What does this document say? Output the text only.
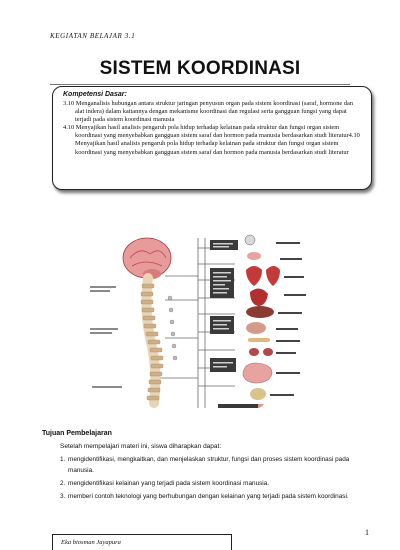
KEGIATAN BELAJAR 3.1
SISTEM KOORDINASI
Kompetensi Dasar:
3.10 Menganalisis hubungan antara struktur jaringan penyusun organ pada sistem koordinasi (saraf, hormone dan alat indera) dalam kaitannya dengan mekanisme koordinasi dan regulasi serta gangguan fungsi yang dapat terjadi pada sistem koordinasi manusia
4.10 Menyajikan hasil analisis pengaruh pola hidup terhadap kelainan pada struktur dan fungsi organ sistem koordinasi yang menyebabkan gangguan sistem saraf dan hormon pada manusia berdasarkan studi literatur4.10 Menyajikan hasil analisis pengaruh pola hidup terhadap kelainan pada struktur dan fungsi organ sistem koordinasi yang menyebabkan gangguan sistem saraf dan hormon pada manusia berdasarkan studi literatur
Tujuan Pembelajaran
Setelah mempelajari materi ini, siswa diharapkan dapat:
1. mengidentifikasi, mengkaitkan, dan menjelaskan struktur, fungsi dan proses sistem koordinasi pada manusia.
2. mengidentifikasi kelainan yang terjadi pada sistem koordinasi manusia.
3. memberi contoh teknologi yang berhubungan dengan kelainan yang terjadi pada sistem koordinasi.
1
Eka biosman Jayapura
